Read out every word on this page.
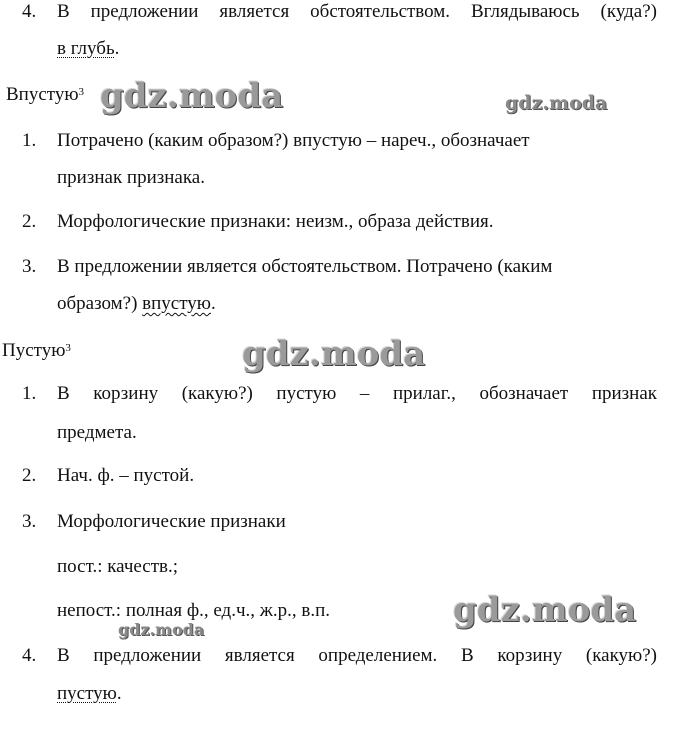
4. В предложении является обстоятельством. Вглядываюсь (куда?)
в глубь.
Впустую$^3$
1. Потрачено (каким образом?) впустую – нареч., обозначает
признак признака.
2. Морфологические признаки: неизм., образа действия.
3. В предложении является обстоятельством. Потрачено (каким
образом?) впустую.
Пустую$^3$
1. В корзину (какую?) пустую – прилаг., обозначает признак
предмета.
2. Нач. ф. – пустой.
3. Морфологические признаки
пост.: качеств.;
непост.: полная ф., ед.ч., ж.р., в.п.
4. В предложении является определением. В корзину (какую?)
пустую.
gdz.moda	gdz.moda
gdz.moda
gdz.moda
gdz.moda
